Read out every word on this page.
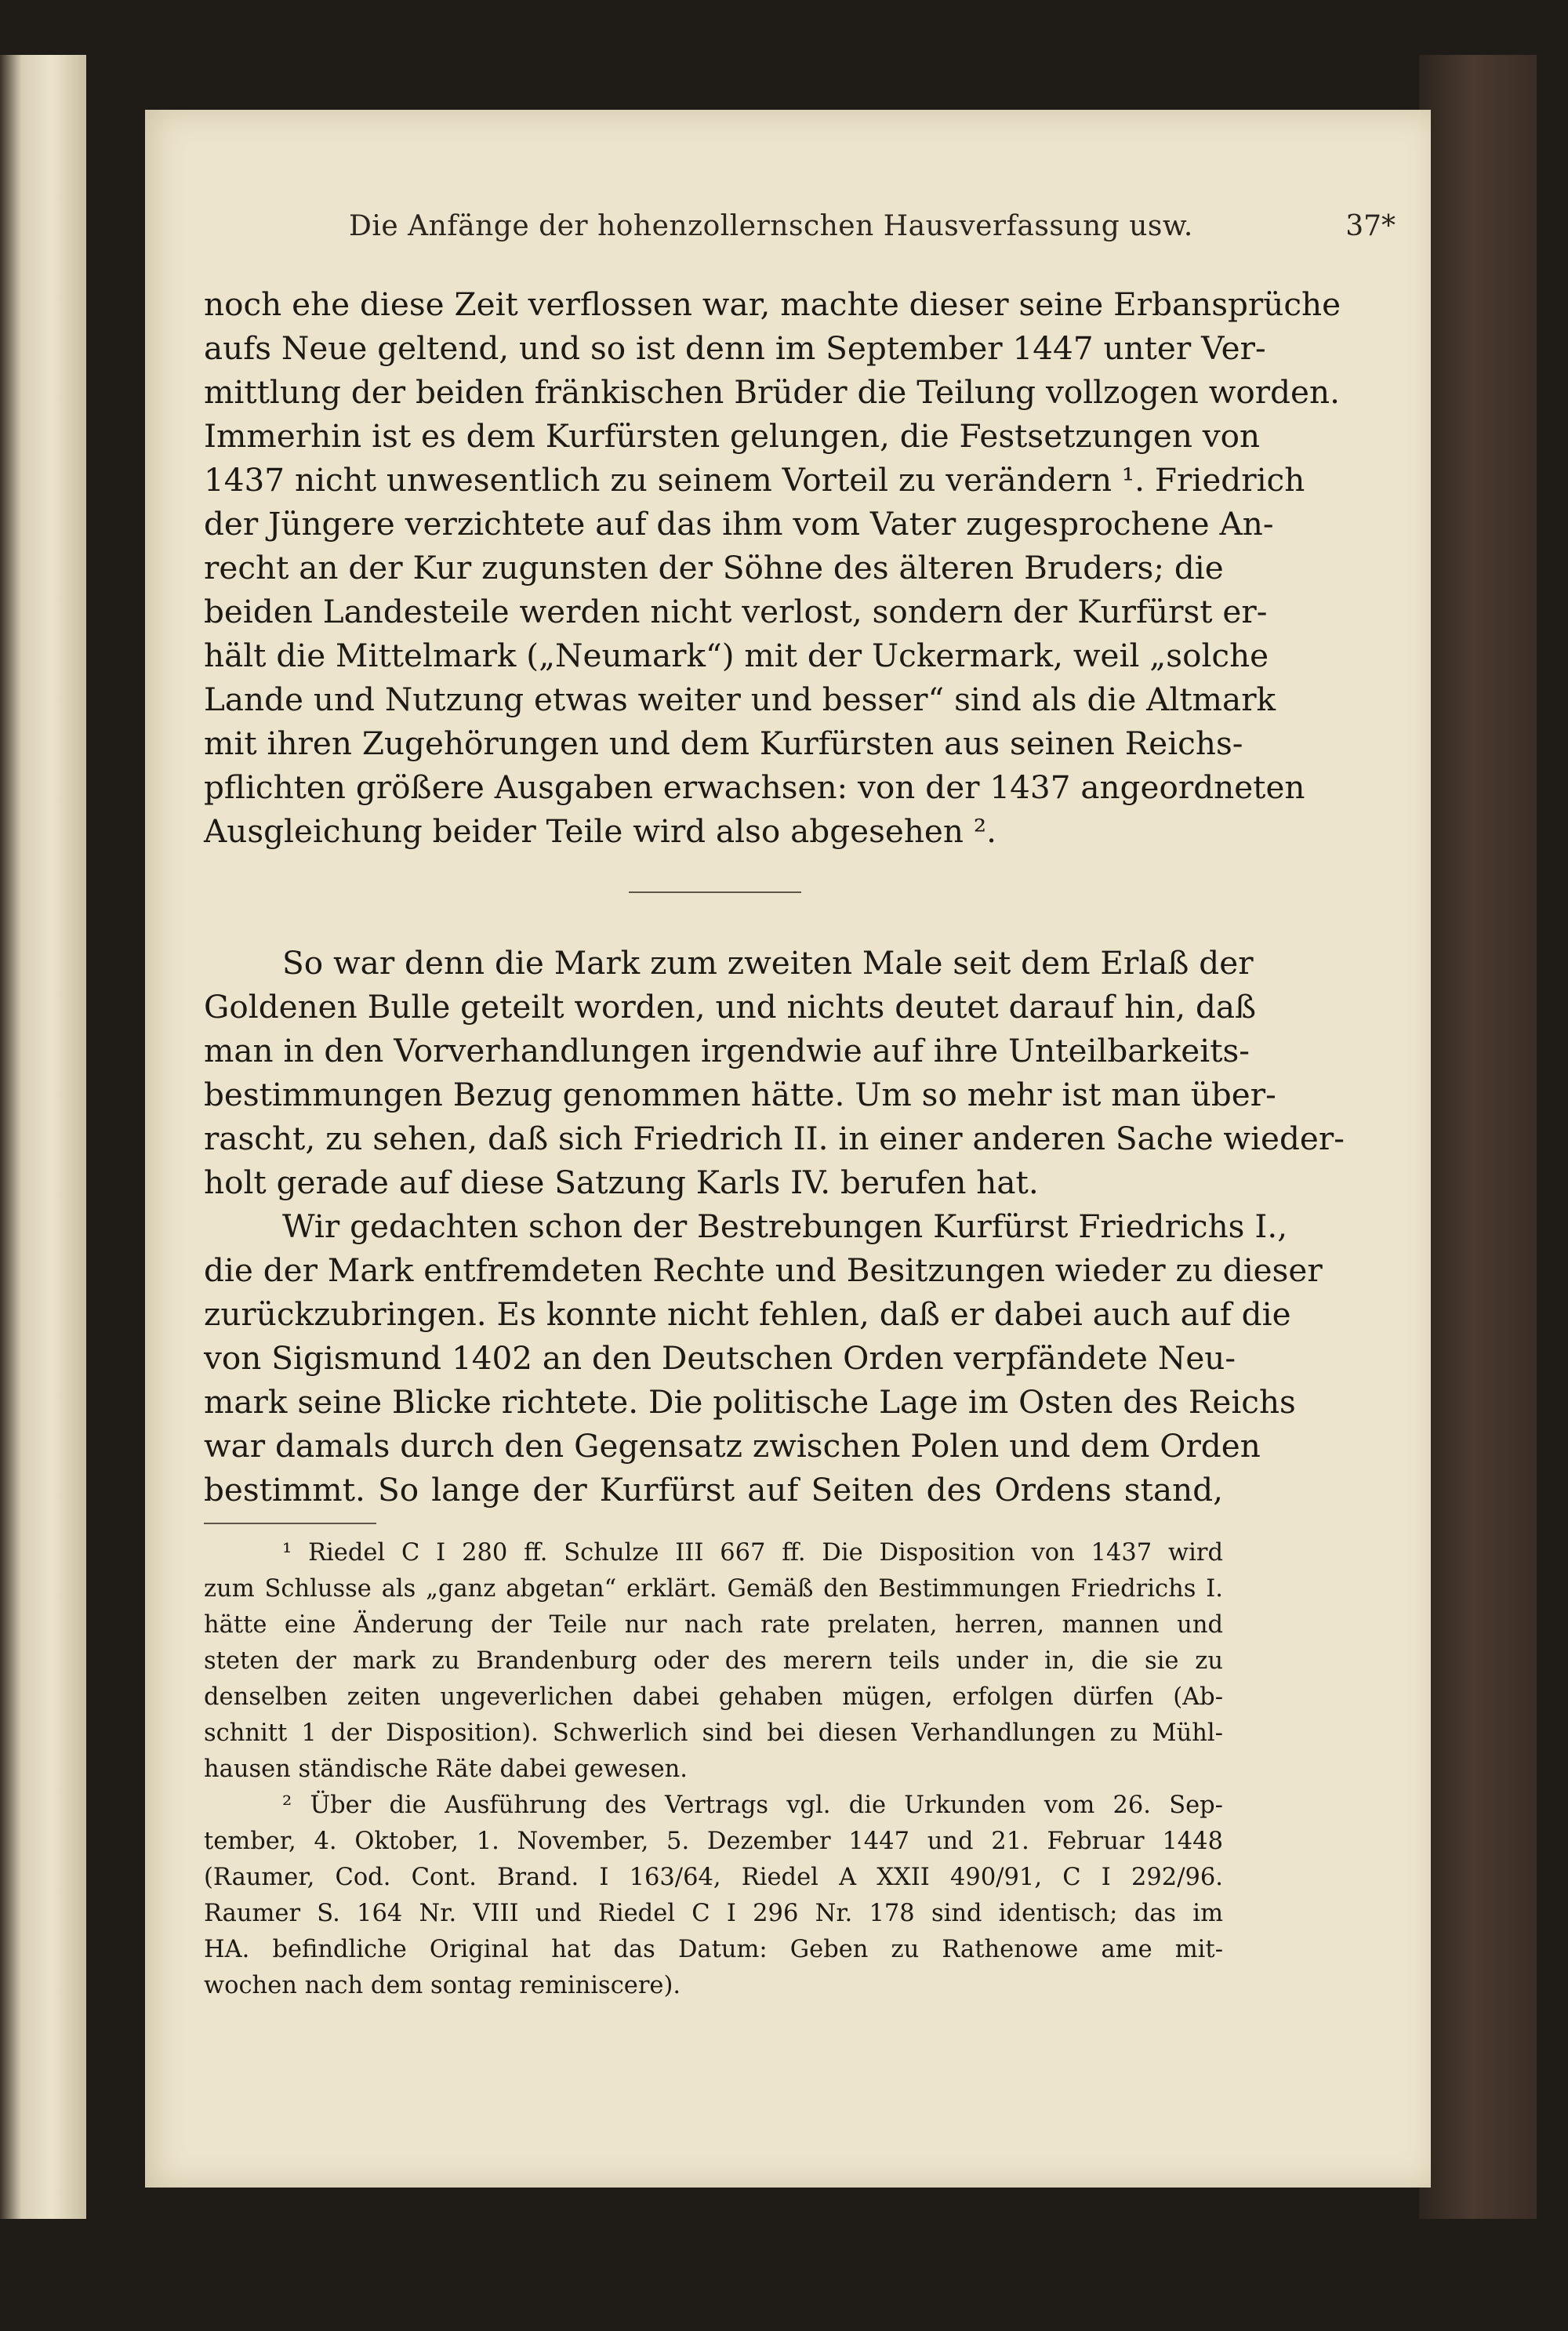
Die Anfänge der hohenzollernschen Hausverfassung usw.	37*
noch ehe diese Zeit verflossen war, machte dieser seine Erbansprüche
aufs Neue geltend, und so ist denn im September 1447 unter Ver-
mittlung der beiden fränkischen Brüder die Teilung vollzogen worden.
Immerhin ist es dem Kurfürsten gelungen, die Festsetzungen von
1437 nicht unwesentlich zu seinem Vorteil zu verändern ¹. Friedrich
der Jüngere verzichtete auf das ihm vom Vater zugesprochene An-
recht an der Kur zugunsten der Söhne des älteren Bruders; die
beiden Landesteile werden nicht verlost, sondern der Kurfürst er-
hält die Mittelmark („Neumark“) mit der Uckermark, weil „solche
Lande und Nutzung etwas weiter und besser“ sind als die Altmark
mit ihren Zugehörungen und dem Kurfürsten aus seinen Reichs-
pflichten größere Ausgaben erwachsen: von der 1437 angeordneten
Ausgleichung beider Teile wird also abgesehen ².
So war denn die Mark zum zweiten Male seit dem Erlaß der
Goldenen Bulle geteilt worden, und nichts deutet darauf hin, daß
man in den Vorverhandlungen irgendwie auf ihre Unteilbarkeits-
bestimmungen Bezug genommen hätte. Um so mehr ist man über-
rascht, zu sehen, daß sich Friedrich II. in einer anderen Sache wieder-
holt gerade auf diese Satzung Karls IV. berufen hat.
Wir gedachten schon der Bestrebungen Kurfürst Friedrichs I.,
die der Mark entfremdeten Rechte und Besitzungen wieder zu dieser
zurückzubringen. Es konnte nicht fehlen, daß er dabei auch auf die
von Sigismund 1402 an den Deutschen Orden verpfändete Neu-
mark seine Blicke richtete. Die politische Lage im Osten des Reichs
war damals durch den Gegensatz zwischen Polen und dem Orden
bestimmt. So lange der Kurfürst auf Seiten des Ordens stand,
¹ Riedel C I 280 ff. Schulze III 667 ff. Die Disposition von 1437 wird
zum Schlusse als „ganz abgetan“ erklärt. Gemäß den Bestimmungen Friedrichs I.
hätte eine Änderung der Teile nur nach rate prelaten, herren, mannen und
steten der mark zu Brandenburg oder des merern teils under in, die sie zu
denselben zeiten ungeverlichen dabei gehaben mügen, erfolgen dürfen (Ab-
schnitt 1 der Disposition). Schwerlich sind bei diesen Verhandlungen zu Mühl-
hausen ständische Räte dabei gewesen.
² Über die Ausführung des Vertrags vgl. die Urkunden vom 26. Sep-
tember, 4. Oktober, 1. November, 5. Dezember 1447 und 21. Februar 1448
(Raumer, Cod. Cont. Brand. I 163/64, Riedel A XXII 490/91, C I 292/96.
Raumer S. 164 Nr. VIII und Riedel C I 296 Nr. 178 sind identisch; das im
HA. befindliche Original hat das Datum: Geben zu Rathenowe ame mit-
wochen nach dem sontag reminiscere).
